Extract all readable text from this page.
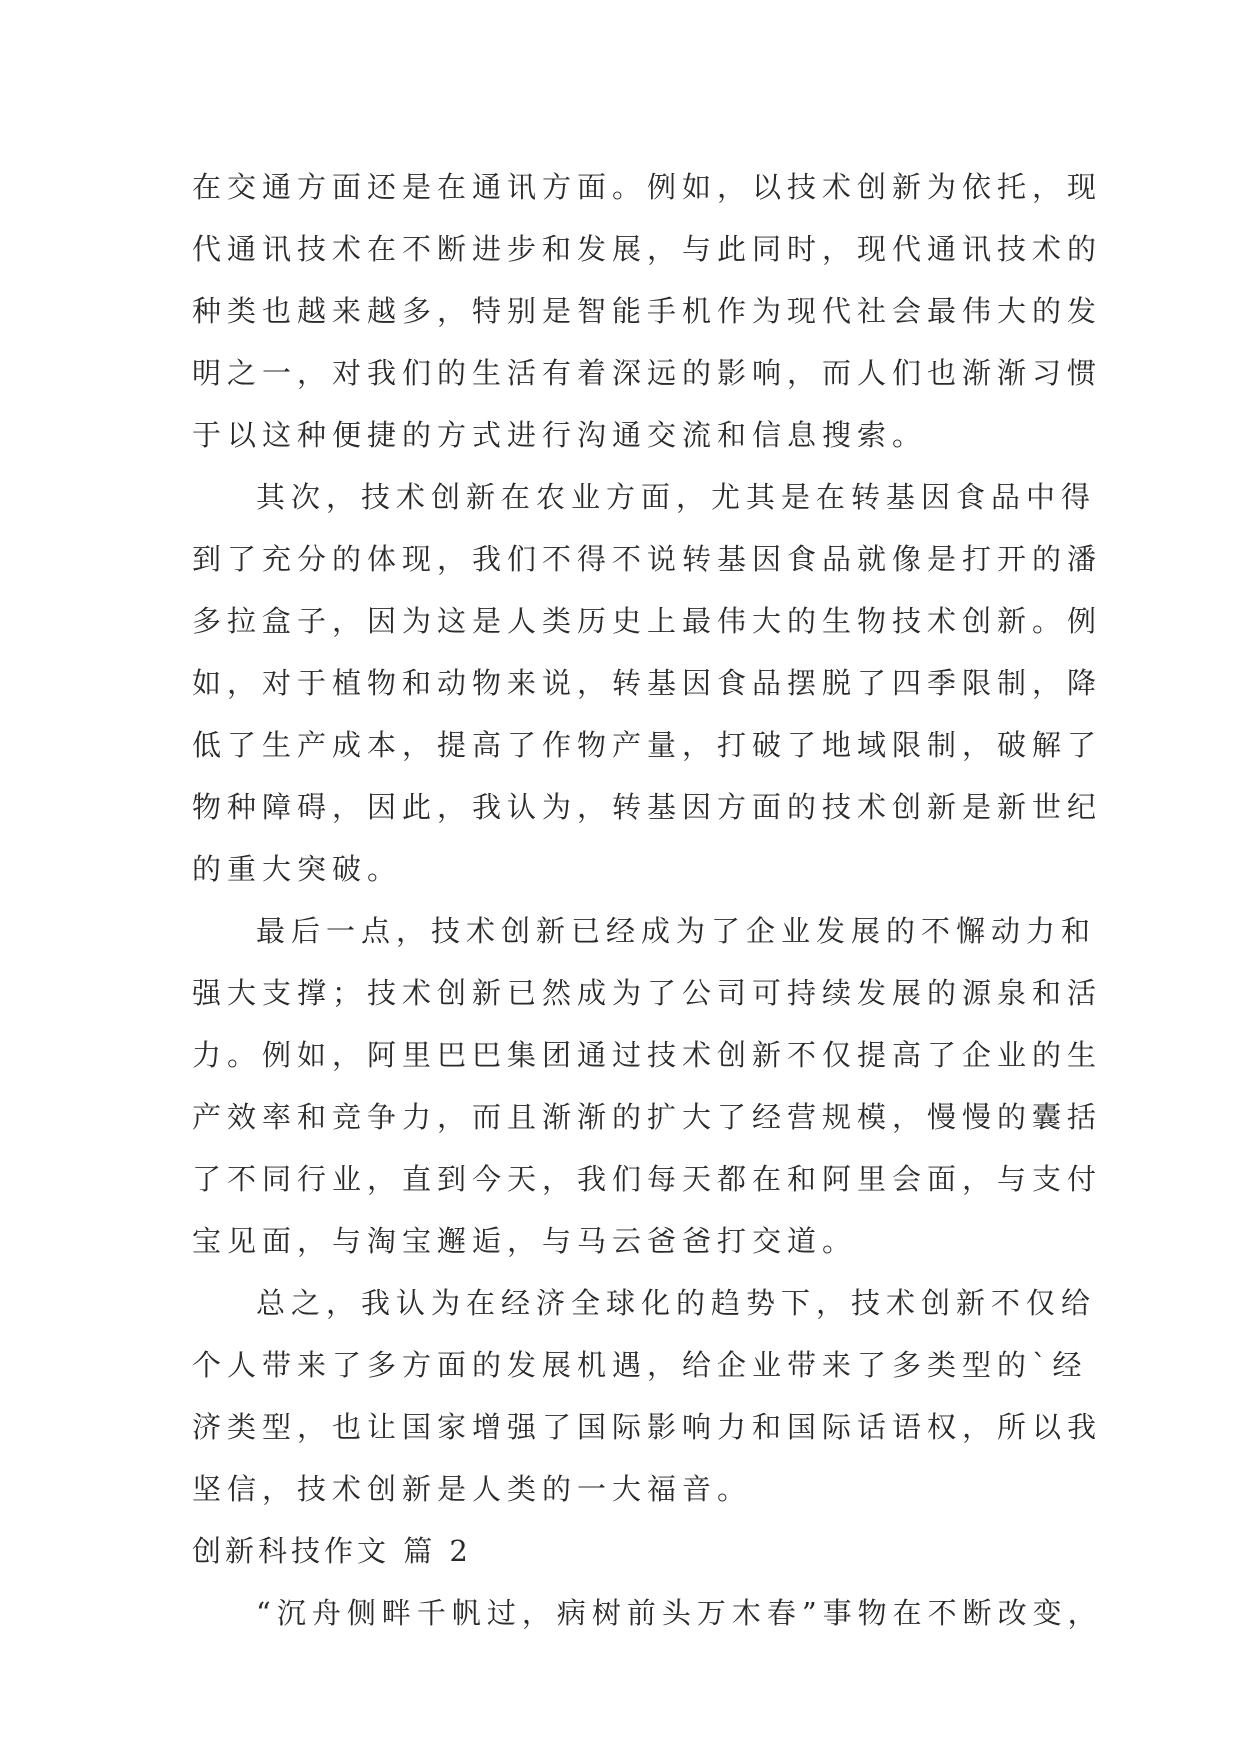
在交通方面还是在通讯方面。例如，以技术创新为依托，现
代通讯技术在不断进步和发展，与此同时，现代通讯技术的
种类也越来越多，特别是智能手机作为现代社会最伟大的发
明之一，对我们的生活有着深远的影响，而人们也渐渐习惯
于以这种便捷的方式进行沟通交流和信息搜索。
其次，技术创新在农业方面，尤其是在转基因食品中得
到了充分的体现，我们不得不说转基因食品就像是打开的潘
多拉盒子，因为这是人类历史上最伟大的生物技术创新。例
如，对于植物和动物来说，转基因食品摆脱了四季限制，降
低了生产成本，提高了作物产量，打破了地域限制，破解了
物种障碍，因此，我认为，转基因方面的技术创新是新世纪
的重大突破。
最后一点，技术创新已经成为了企业发展的不懈动力和
强大支撑；技术创新已然成为了公司可持续发展的源泉和活
力。例如，阿里巴巴集团通过技术创新不仅提高了企业的生
产效率和竞争力，而且渐渐的扩大了经营规模，慢慢的囊括
了不同行业，直到今天，我们每天都在和阿里会面，与支付
宝见面，与淘宝邂逅，与马云爸爸打交道。
总之，我认为在经济全球化的趋势下，技术创新不仅给
个人带来了多方面的发展机遇，给企业带来了多类型的`经
济类型，也让国家增强了国际影响力和国际话语权，所以我
坚信，技术创新是人类的一大福音。
创新科技作文 篇 2
“沉舟侧畔千帆过，病树前头万木春”事物在不断改变，
